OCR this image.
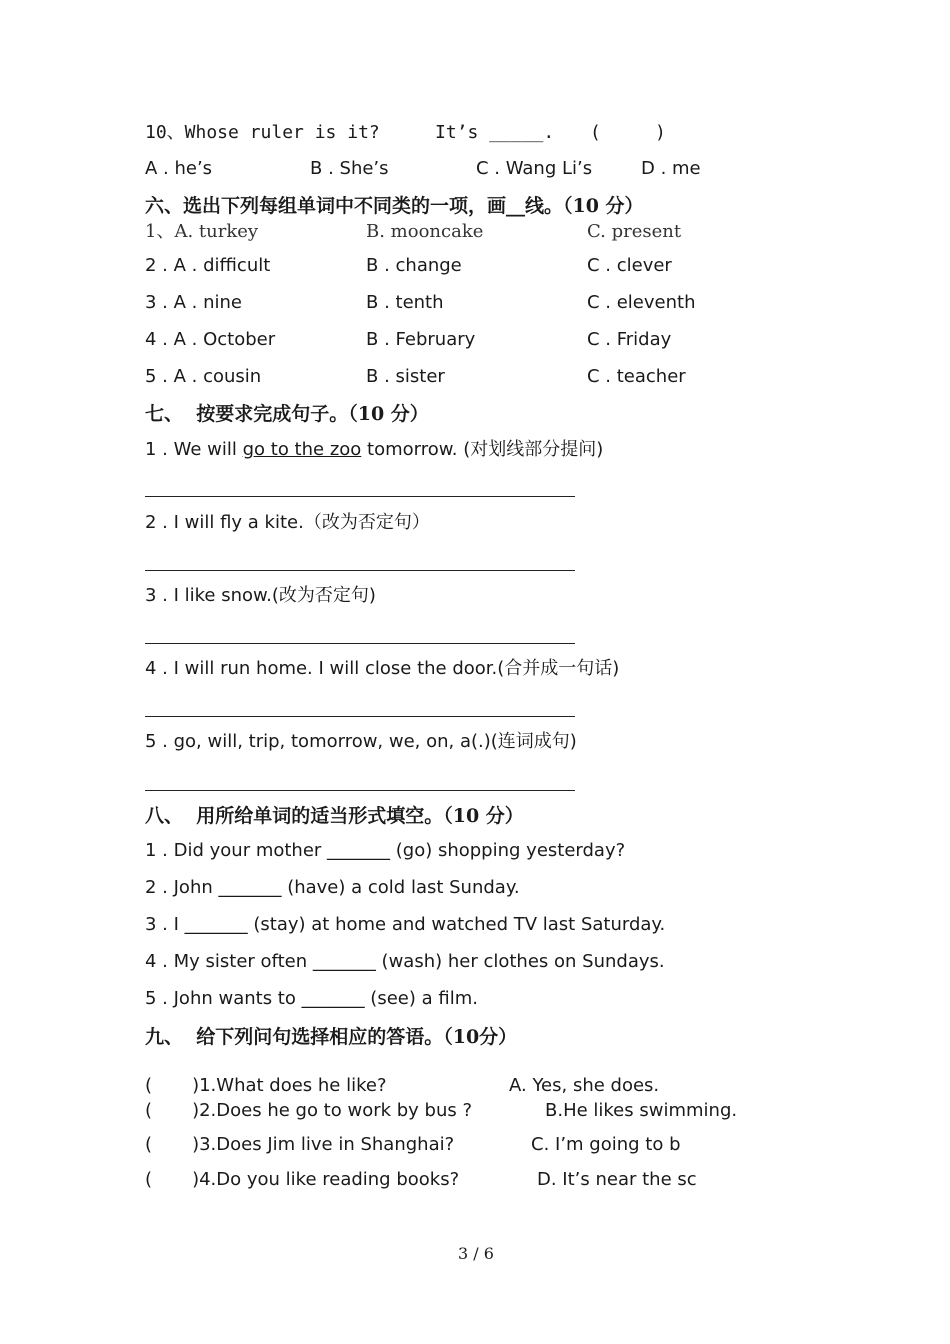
10、Whose ruler is it?	It’s _____. (     )
A . he’s	B . She’s	C . Wang Li’s	D . me
六、选出下列每组单词中不同类的一项，画__线。（10 分）
1、A. turkey	B. mooncake	C. present
2 . A . difficult	B . change	C . clever
3 . A . nine	B . tenth	C . eleventh
4 . A . October	B . February	C . Friday
5 . A . cousin	B . sister	C . teacher
七、  按要求完成句子。（10 分）
1 . We will go to the zoo tomorrow. (对划线部分提问)
2 . I will fly a kite.（改为否定句）
3 . I like snow.(改为否定句)
4 . I will run home. I will close the door.(合并成一句话)
5 . go, will, trip, tomorrow, we, on, a(.)(连词成句)
八、  用所给单词的适当形式填空。（10 分）
1 . Did your mother _______ (go) shopping yesterday?
2 . John _______ (have) a cold last Sunday.
3 . I _______ (stay) at home and watched TV last Saturday.
4 . My sister often _______ (wash) her clothes on Sundays.
5 . John wants to _______ (see) a film.
九、  给下列问句选择相应的答语。（10分）
(       )1.What does he like?	A. Yes, she does.
(       )2.Does he go to work by bus ?	B.He likes swimming.
(       )3.Does Jim live in Shanghai?	C. I’m going to b
(       )4.Do you like reading books?	D. It’s near the sc
3 / 6
